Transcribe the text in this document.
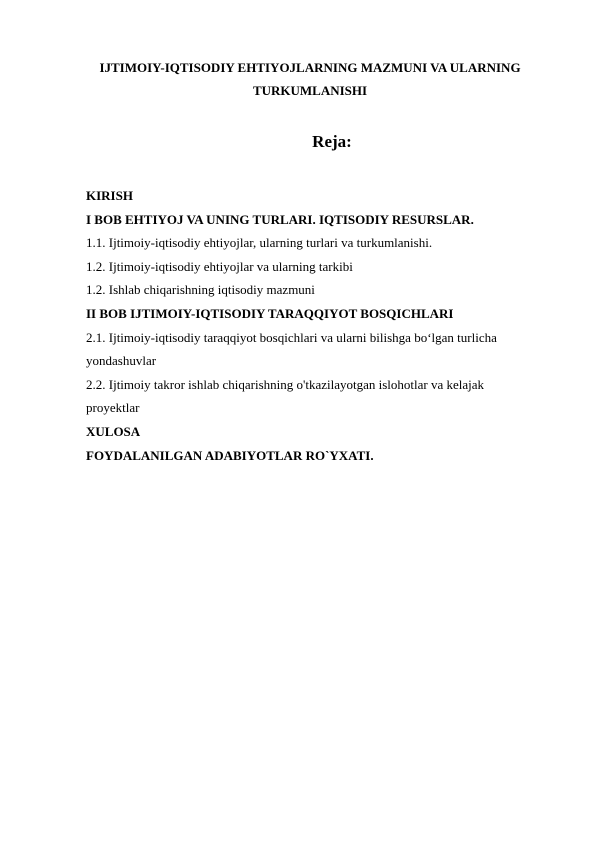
IJTIMOIY-IQTISODIY EHTIYOJLARNING MAZMUNI VA ULARNING TURKUMLANISHI
Reja:
KIRISH
I BOB EHTIYOJ VA UNING TURLARI. IQTISODIY RESURSLAR.
1.1. Ijtimoiy-iqtisodiy ehtiyojlar, ularning turlari va turkumlanishi.
1.2. Ijtimoiy-iqtisodiy ehtiyojlar va ularning tarkibi
1.2. Ishlab chiqarishning iqtisodiy mazmuni
II BOB IJTIMOIY-IQTISODIY TARAQQIYOT BOSQICHLARI
2.1. Ijtimoiy-iqtisodiy taraqqiyot bosqichlari va ularni bilishga bo‘lgan turlicha yondashuvlar
2.2. Ijtimoiy takror ishlab chiqarishning o'tkazilayotgan islohotlar va kelajak proyektlar
XULOSA
FOYDALANILGAN ADABIYOTLAR RO`YXATI.
